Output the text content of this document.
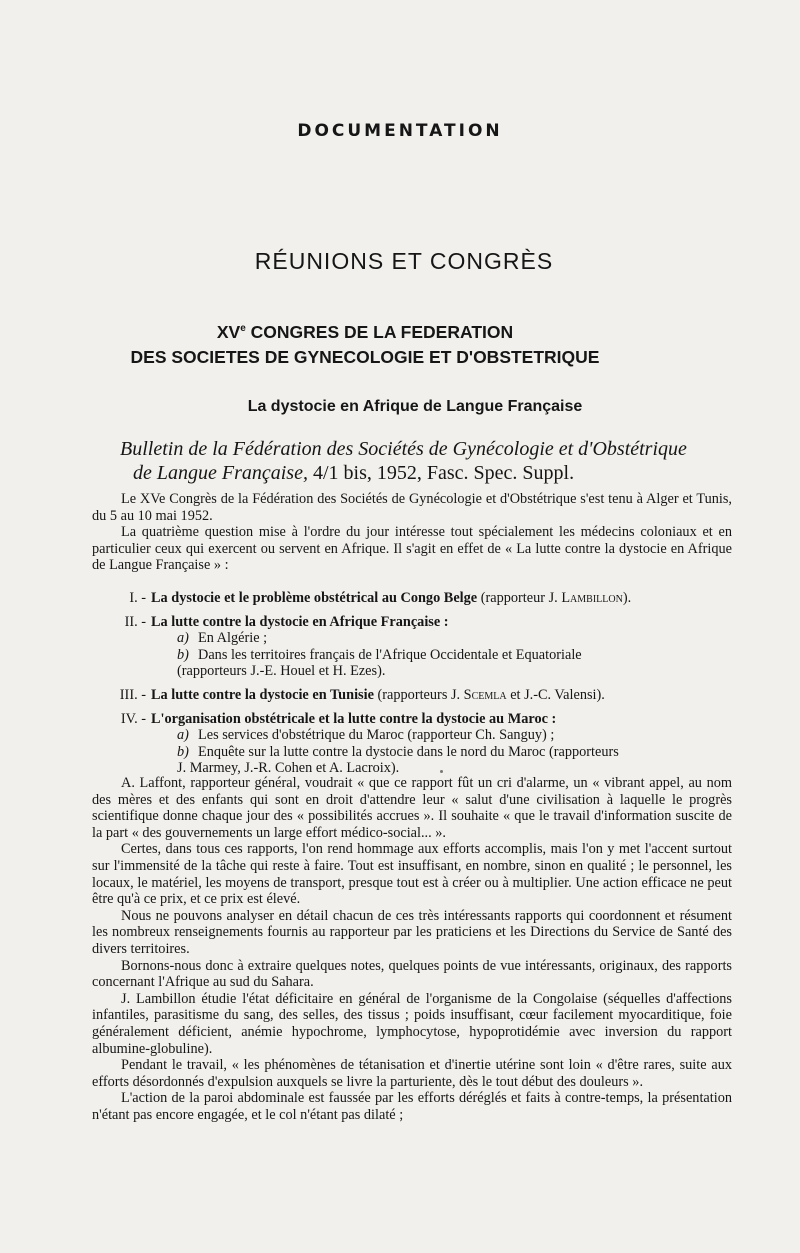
DOCUMENTATION
RÉUNIONS ET CONGRÈS
XVe CONGRES DE LA FEDERATION
DES SOCIETES DE GYNECOLOGIE ET D'OBSTETRIQUE
La dystocie en Afrique de Langue Française
Bulletin de la Fédération des Sociétés de Gynécologie et d'Obstétrique
de Langue Française, 4/1 bis, 1952, Fasc. Spec. Suppl.

Le XVe Congrès de la Fédération des Sociétés de Gynécologie et d'Obstétrique s'est tenu à Alger et Tunis, du 5 au 10 mai 1952.

La quatrième question mise à l'ordre du jour intéresse tout spécialement les médecins coloniaux et en particulier ceux qui exercent ou servent en Afrique. Il s'agit en effet de « La lutte contre la dystocie en Afrique de Langue Française » :

I. - La dystocie et le problème obstétrical au Congo Belge (rapporteur J. Lambillon).
II. - La lutte contre la dystocie en Afrique Française :
a) En Algérie ;
b) Dans les territoires français de l'Afrique Occidentale et Equatoriale
(rapporteurs J.-E. Houel et H. Ezes).
III. - La lutte contre la dystocie en Tunisie (rapporteurs J. Scemla et J.-C. Valensi).
IV. - L'organisation obstétricale et la lutte contre la dystocie au Maroc :
a) Les services d'obstétrique du Maroc (rapporteur Ch. Sanguy) ;
b) Enquête sur la lutte contre la dystocie dans le nord du Maroc (rapporteurs
J. Marmey, J.-R. Cohen et A. Lacroix).

A. Laffont, rapporteur général, voudrait « que ce rapport fût un cri d'alarme, un « vibrant appel, au nom des mères et des enfants qui sont en droit d'attendre leur « salut d'une civilisation à laquelle le progrès scientifique donne chaque jour des « possibilités accrues ». Il souhaite « que le travail d'information suscite de la part « des gouvernements un large effort médico-social... ».

Certes, dans tous ces rapports, l'on rend hommage aux efforts accomplis, mais l'on y met l'accent surtout sur l'immensité de la tâche qui reste à faire. Tout est insuffisant, en nombre, sinon en qualité ; le personnel, les locaux, le matériel, les moyens de transport, presque tout est à créer ou à multiplier. Une action efficace ne peut être qu'à ce prix, et ce prix est élevé.

Nous ne pouvons analyser en détail chacun de ces très intéressants rapports qui coordonnent et résument les nombreux renseignements fournis au rapporteur par les praticiens et les Directions du Service de Santé des divers territoires.

Bornons-nous donc à extraire quelques notes, quelques points de vue intéressants, originaux, des rapports concernant l'Afrique au sud du Sahara.

J. Lambillon étudie l'état déficitaire en général de l'organisme de la Congolaise (séquelles d'affections infantiles, parasitisme du sang, des selles, des tissus ; poids insuffisant, cœur facilement myocarditique, foie généralement déficient, anémie hypochrome, lymphocytose, hypoprotidémie avec inversion du rapport albumine-globuline).

Pendant le travail, « les phénomènes de tétanisation et d'inertie utérine sont loin « d'être rares, suite aux efforts désordonnés d'expulsion auxquels se livre la parturiente, dès le tout début des douleurs ».

L'action de la paroi abdominale est faussée par les efforts déréglés et faits à contre-temps, la présentation n'étant pas encore engagée, et le col n'étant pas dilaté ;
